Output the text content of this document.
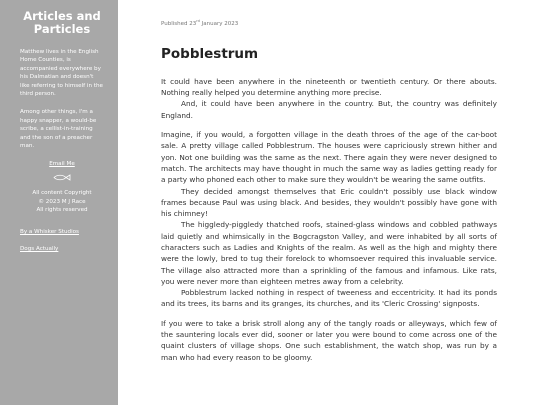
Articles and Particles

Matthew lives in the English Home Counties, is accompanied everywhere by his Dalmatian and doesn't like referring to himself in the third person.

Among other things, I'm a happy snapper, a would-be scribe, a cellist-in-training and the son of a preacher man.

Email Me
All content Copyright
© 2023 M J Race
All rights reserved
By a Whisker Studios
Dogs Actually
Published 23rd January 2023
Pobblestrum

It could have been anywhere in the nineteenth or twentieth century. Or there abouts. Nothing really helped you determine anything more precise.

And, it could have been anywhere in the country. But, the country was definitely England.

Imagine, if you would, a forgotten village in the death throes of the age of the car-boot sale. A pretty village called Pobblestrum. The houses were capriciously strewn hither and yon. Not one building was the same as the next. There again they were never designed to match. The architects may have thought in much the same way as ladies getting ready for a party who phoned each other to make sure they wouldn't be wearing the same outfits.

They decided amongst themselves that Eric couldn't possibly use black window frames because Paul was using black. And besides, they wouldn't possibly have gone with his chimney!

The higgledy-piggledy thatched roofs, stained-glass windows and cobbled pathways laid quietly and whimsically in the Bogcragston Valley, and were inhabited by all sorts of characters such as Ladies and Knights of the realm. As well as the high and mighty there were the lowly, bred to tug their forelock to whomsoever required this invaluable service. The village also attracted more than a sprinkling of the famous and infamous. Like rats, you were never more than eighteen metres away from a celebrity.

Pobblestrum lacked nothing in respect of tweeness and eccentricity. It had its ponds and its trees, its barns and its granges, its churches, and its 'Cleric Crossing' signposts.

If you were to take a brisk stroll along any of the tangly roads or alleyways, which few of the sauntering locals ever did, sooner or later you were bound to come across one of the quaint clusters of village shops. One such establishment, the watch shop, was run by a man who had every reason to be gloomy.
